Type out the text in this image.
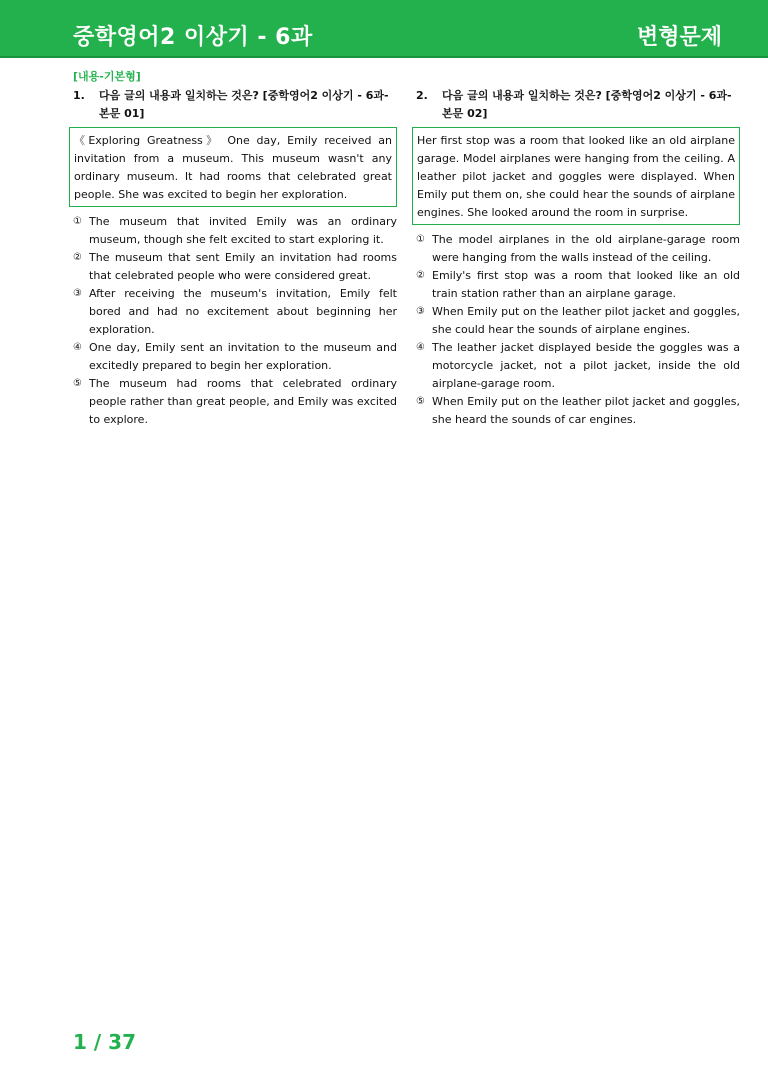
중학영어2 이상기 - 6과	변형문제
[내용-기본형]
1.	다음 글의 내용과 일치하는 것은? [중학영어2 이상기 - 6과-본문 01]
《Exploring Greatness》 One day, Emily received an invitation from a museum. This museum wasn't any ordinary museum. It had rooms that celebrated great people. She was excited to begin her exploration.
① The museum that invited Emily was an ordinary museum, though she felt excited to start exploring it.
② The museum that sent Emily an invitation had rooms that celebrated people who were considered great.
③ After receiving the museum's invitation, Emily felt bored and had no excitement about beginning her exploration.
④ One day, Emily sent an invitation to the museum and excitedly prepared to begin her exploration.
⑤ The museum had rooms that celebrated ordinary people rather than great people, and Emily was excited to explore.
2.	다음 글의 내용과 일치하는 것은? [중학영어2 이상기 - 6과-본문 02]
Her first stop was a room that looked like an old airplane garage. Model airplanes were hanging from the ceiling. A leather pilot jacket and goggles were displayed. When Emily put them on, she could hear the sounds of airplane engines. She looked around the room in surprise.
① The model airplanes in the old airplane-garage room were hanging from the walls instead of the ceiling.
② Emily's first stop was a room that looked like an old train station rather than an airplane garage.
③ When Emily put on the leather pilot jacket and goggles, she could hear the sounds of airplane engines.
④ The leather jacket displayed beside the goggles was a motorcycle jacket, not a pilot jacket, inside the old airplane-garage room.
⑤ When Emily put on the leather pilot jacket and goggles, she heard the sounds of car engines.
1 / 37
